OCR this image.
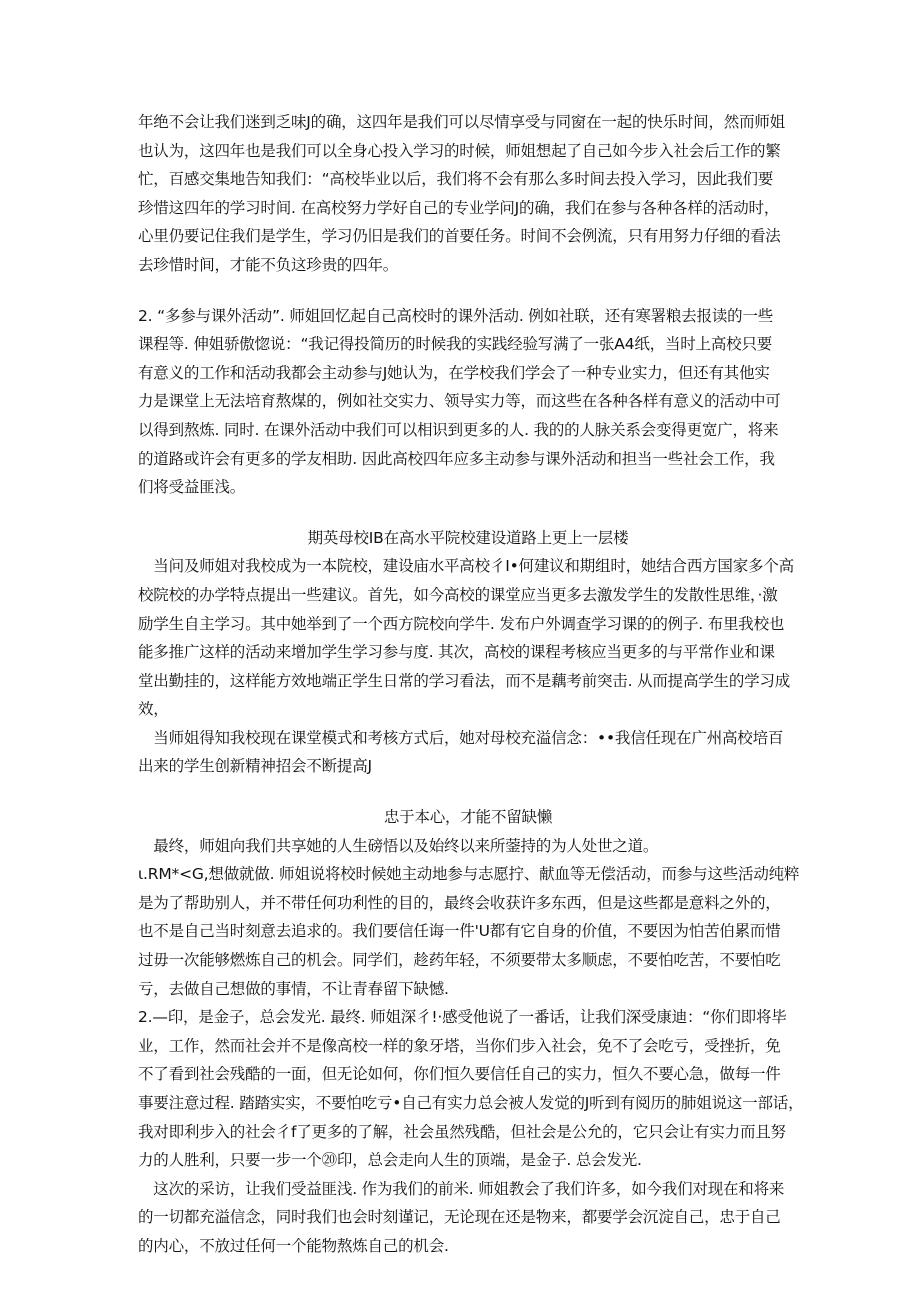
年绝不会让我们迷到乏味J的确，这四年是我们可以尽情享受与同窗在一起的快乐时间，然而师姐
也认为，这四年也是我们可以全身心投入学习的时候，师姐想起了自己如今步入社会后工作的繁
忙，百感交集地告知我们：“高校毕业以后，我们将不会有那么多时间去投入学习，因此我们要
珍惜这四年的学习时间. 在高校努力学好自己的专业学问J的确，我们在参与各种各样的活动时，
心里仍要记住我们是学生，学习仍旧是我们的首要任务。时间不会例流，只有用努力仔细的看法
去珍惜时间，才能不负这珍贵的四年。
2. “多参与课外活动”. 师姐回忆起自己高校时的课外活动. 例如社联，还有寒署粮去报读的一些
课程等. 伸姐骄傲惚说：“我记得投简历的时候我的实践经验写满了一张A4纸，当时上高校只要
有意义的工作和活动我都会主动参与J她认为，在学校我们学会了一种专业实力，但还有其他实
力是课堂上无法培育熬煤的，例如社交实力、领导实力等，而这些在各种各样有意义的活动中可
以得到熬炼. 同时. 在课外活动中我们可以相识到更多的人. 我的的人脉关系会变得更宽广，将来
的道路或许会有更多的学友相助. 因此高校四年应多主动参与课外活动和担当一些社会工作，我
们将受益匪浅。
期英母校IB在高水平院校建设道路上更上一层楼
　当问及师姐对我校成为一本院校，建设庙水平高校彳I•何建议和期组时，她结合西方国家多个高
校院校的办学特点提出一些建议。首先，如今高校的课堂应当更多去激发学生的发散性思维，·激
励学生自主学习。其中她举到了一个西方院校向学牛. 发布户外调查学习课的的例子. 布里我校也
能多推广这样的活动来增加学生学习参与度. 其次，高校的课程考核应当更多的与平常作业和课
堂出勤挂的，这样能方效地端正学生日常的学习看法，而不是藕考前突击. 从而提高学生的学习成
效，
　当师姐得知我校现在课堂模式和考核方式后，她对母校充溢信念：••我信任现在广州高校培百
出来的学生创新精神招会不断提高J
忠于本心，才能不留缺懒
　最终，师姐向我们共享她的人生磅悟以及始终以来所蓥持的为人处世之道。
ι.RM*<G,想做就做. 师姐说将校时候她主动地参与志愿拧、献血等无偿活动，而参与这些活动纯粹
是为了帮助别人，并不带任何功利性的目的，最终会收获许多东西，但是这些都是意料之外的，
也不是自己当时刻意去追求的。我们要信任诲一件'U都有它自身的价值，不要因为怕苦伯累而惜
过毋一次能够燃炼自己的机会。同学们，趁药年轻，不须要带太多顺虑，不要怕吃苦，不要怕吃
亏，去做自己想做的事情，不让青春留下缺憾.
2.—印，是金子，总会发光. 最终. 师姐深彳!·感受他说了一番话，让我们深受康迪：“你们即将毕
业，工作，然而社会并不是像高校一样的象牙塔，当你们步入社会，免不了会吃亏，受挫折，免
不了看到社会残酷的一面，但无论如何，你们恒久要信任自己的实力，恒久不要心急，做每一件
事要注意过程. 踏踏实实，不要怕吃亏•自己有实力总会被人发觉的J听到有阅历的肺姐说这一部话，
我对即利步入的社会彳f了更多的了解，社会虽然残酷，但社会是公允的，它只会让有实力而且努
力的人胜利，只要一步一个⑳印，总会走向人生的顶端，是金子. 总会发光.
　这次的采访，让我们受益匪浅. 作为我们的前米. 师姐教会了我们许多，如今我们对现在和将来
的一切都充溢信念，同时我们也会时刻谨记，无论现在还是物来，都要学会沉淀自己，忠于自己
的内心，不放过任何一个能物熬炼自己的机会.
